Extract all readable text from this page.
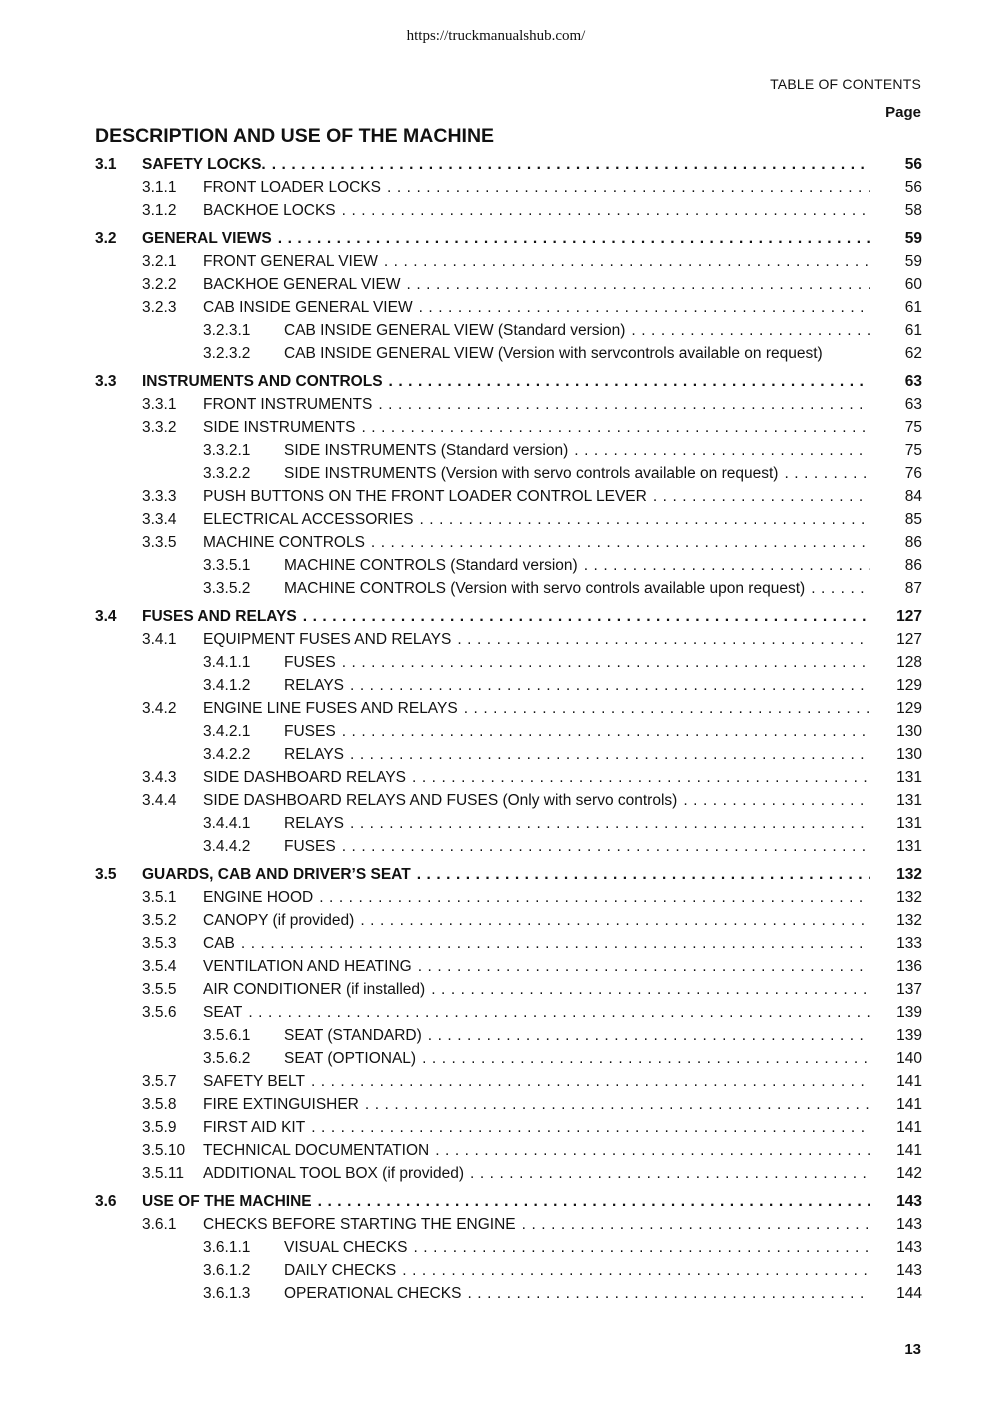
https://truckmanualshub.com/
TABLE OF CONTENTS
Page
DESCRIPTION AND USE OF THE MACHINE
3.1 SAFETY LOCKS. . . .	56
3.1.1 FRONT LOADER LOCKS . . .	56
3.1.2 BACKHOE LOCKS . . .	58
3.2 GENERAL VIEWS . . .	59
3.2.1 FRONT GENERAL VIEW . . .	59
3.2.2 BACKHOE GENERAL VIEW . . .	60
3.2.3 CAB INSIDE GENERAL VIEW . . .	61
3.2.3.1 CAB INSIDE GENERAL VIEW (Standard version) . . .	61
3.2.3.2 CAB INSIDE GENERAL VIEW (Version with servcontrols available on request)	62
3.3 INSTRUMENTS AND CONTROLS . . .	63
3.3.1 FRONT INSTRUMENTS . . .	63
3.3.2 SIDE INSTRUMENTS . . .	75
3.3.2.1 SIDE INSTRUMENTS (Standard version) . . .	75
3.3.2.2 SIDE INSTRUMENTS (Version with servo controls available on request) . . .	76
3.3.3 PUSH BUTTONS ON THE FRONT LOADER CONTROL LEVER . . .	84
3.3.4 ELECTRICAL ACCESSORIES . . .	85
3.3.5 MACHINE CONTROLS . . .	86
3.3.5.1 MACHINE CONTROLS (Standard version) . . .	86
3.3.5.2 MACHINE CONTROLS (Version with servo controls available upon request) . . .	87
3.4 FUSES AND RELAYS . . .	127
3.4.1 EQUIPMENT FUSES AND RELAYS . . .	127
3.4.1.1 FUSES . . .	128
3.4.1.2 RELAYS . . .	129
3.4.2 ENGINE LINE FUSES AND RELAYS . . .	129
3.4.2.1 FUSES . . .	130
3.4.2.2 RELAYS . . .	130
3.4.3 SIDE DASHBOARD RELAYS . . .	131
3.4.4 SIDE DASHBOARD RELAYS AND FUSES (Only with servo controls) . . .	131
3.4.4.1 RELAYS . . .	131
3.4.4.2 FUSES . . .	131
3.5 GUARDS, CAB AND DRIVER’S SEAT . . .	132
3.5.1 ENGINE HOOD . . .	132
3.5.2 CANOPY (if provided) . . .	132
3.5.3 CAB . . .	133
3.5.4 VENTILATION AND HEATING . . .	136
3.5.5 AIR CONDITIONER (if installed) . . .	137
3.5.6 SEAT . . .	139
3.5.6.1 SEAT (STANDARD) . . .	139
3.5.6.2 SEAT (OPTIONAL) . . .	140
3.5.7 SAFETY BELT . . .	141
3.5.8 FIRE EXTINGUISHER . . .	141
3.5.9 FIRST AID KIT . . .	141
3.5.10 TECHNICAL DOCUMENTATION . . .	141
3.5.11 ADDITIONAL TOOL BOX (if provided) . . .	142
3.6 USE OF THE MACHINE . . .	143
3.6.1 CHECKS BEFORE STARTING THE ENGINE . . .	143
3.6.1.1 VISUAL CHECKS . . .	143
3.6.1.2 DAILY CHECKS . . .	143
3.6.1.3 OPERATIONAL CHECKS . . .	144
13
